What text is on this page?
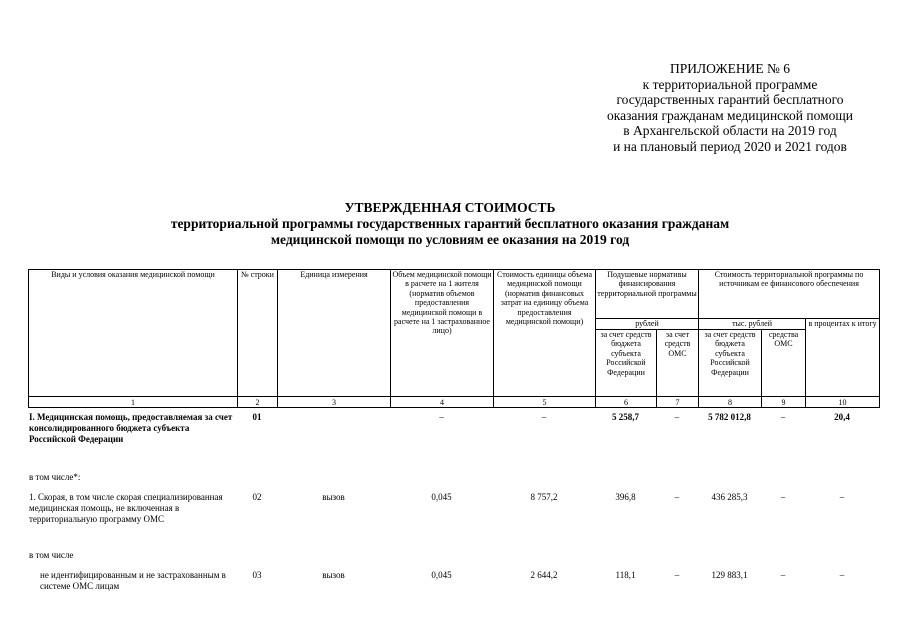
ПРИЛОЖЕНИЕ № 6
к территориальной программе
государственных гарантий бесплатного
оказания гражданам медицинской помощи
в Архангельской области на 2019 год
и на плановый период 2020 и 2021 годов
УТВЕРЖДЕННАЯ СТОИМОСТЬ
территориальной программы государственных гарантий бесплатного оказания гражданам
медицинской помощи по условиям ее оказания на 2019 год
Виды и условия оказания медицинской помощи	№ строки	Единица измерения	Объем медицинской помощи в расчете на 1 жителя (норматив объемов предоставления медицинской помощи в расчете на 1 застрахованное лицо)	Стоимость единицы объема медицинской помощи (норматив финансовых затрат на единицу объема предоставления медицинской помощи)	Подушевые нормативы финансирования территориальной программы		Стоимость территориальной программы по источникам ее финансового обеспечения		
					рублей		тыс. рублей		в процентах к итогу
					за счет средств бюджета субъекта Российской Федерации	за счет средств ОМС	за счет средств бюджета субъекта Российской Федерации	средства ОМС	
1	2	3	4	5	6	7	8	9	10
I. Медицинская помощь, предоставляемая за счет консолидированного бюджета субъекта Российской Федерации	01		–	–	5 258,7	–	5 782 012,8	–	20,4
в том числе*:									
1. Скорая, в том числе скорая специализированная медицинская помощь, не включенная в территориальную программу ОМС	02	вызов	0,045	8 757,2	396,8	–	436 285,3	–	–
в том числе									
не идентифицированным и не застрахованным в системе ОМС лицам	03	вызов	0,045	2 644,2	118,1	–	129 883,1	–	–
